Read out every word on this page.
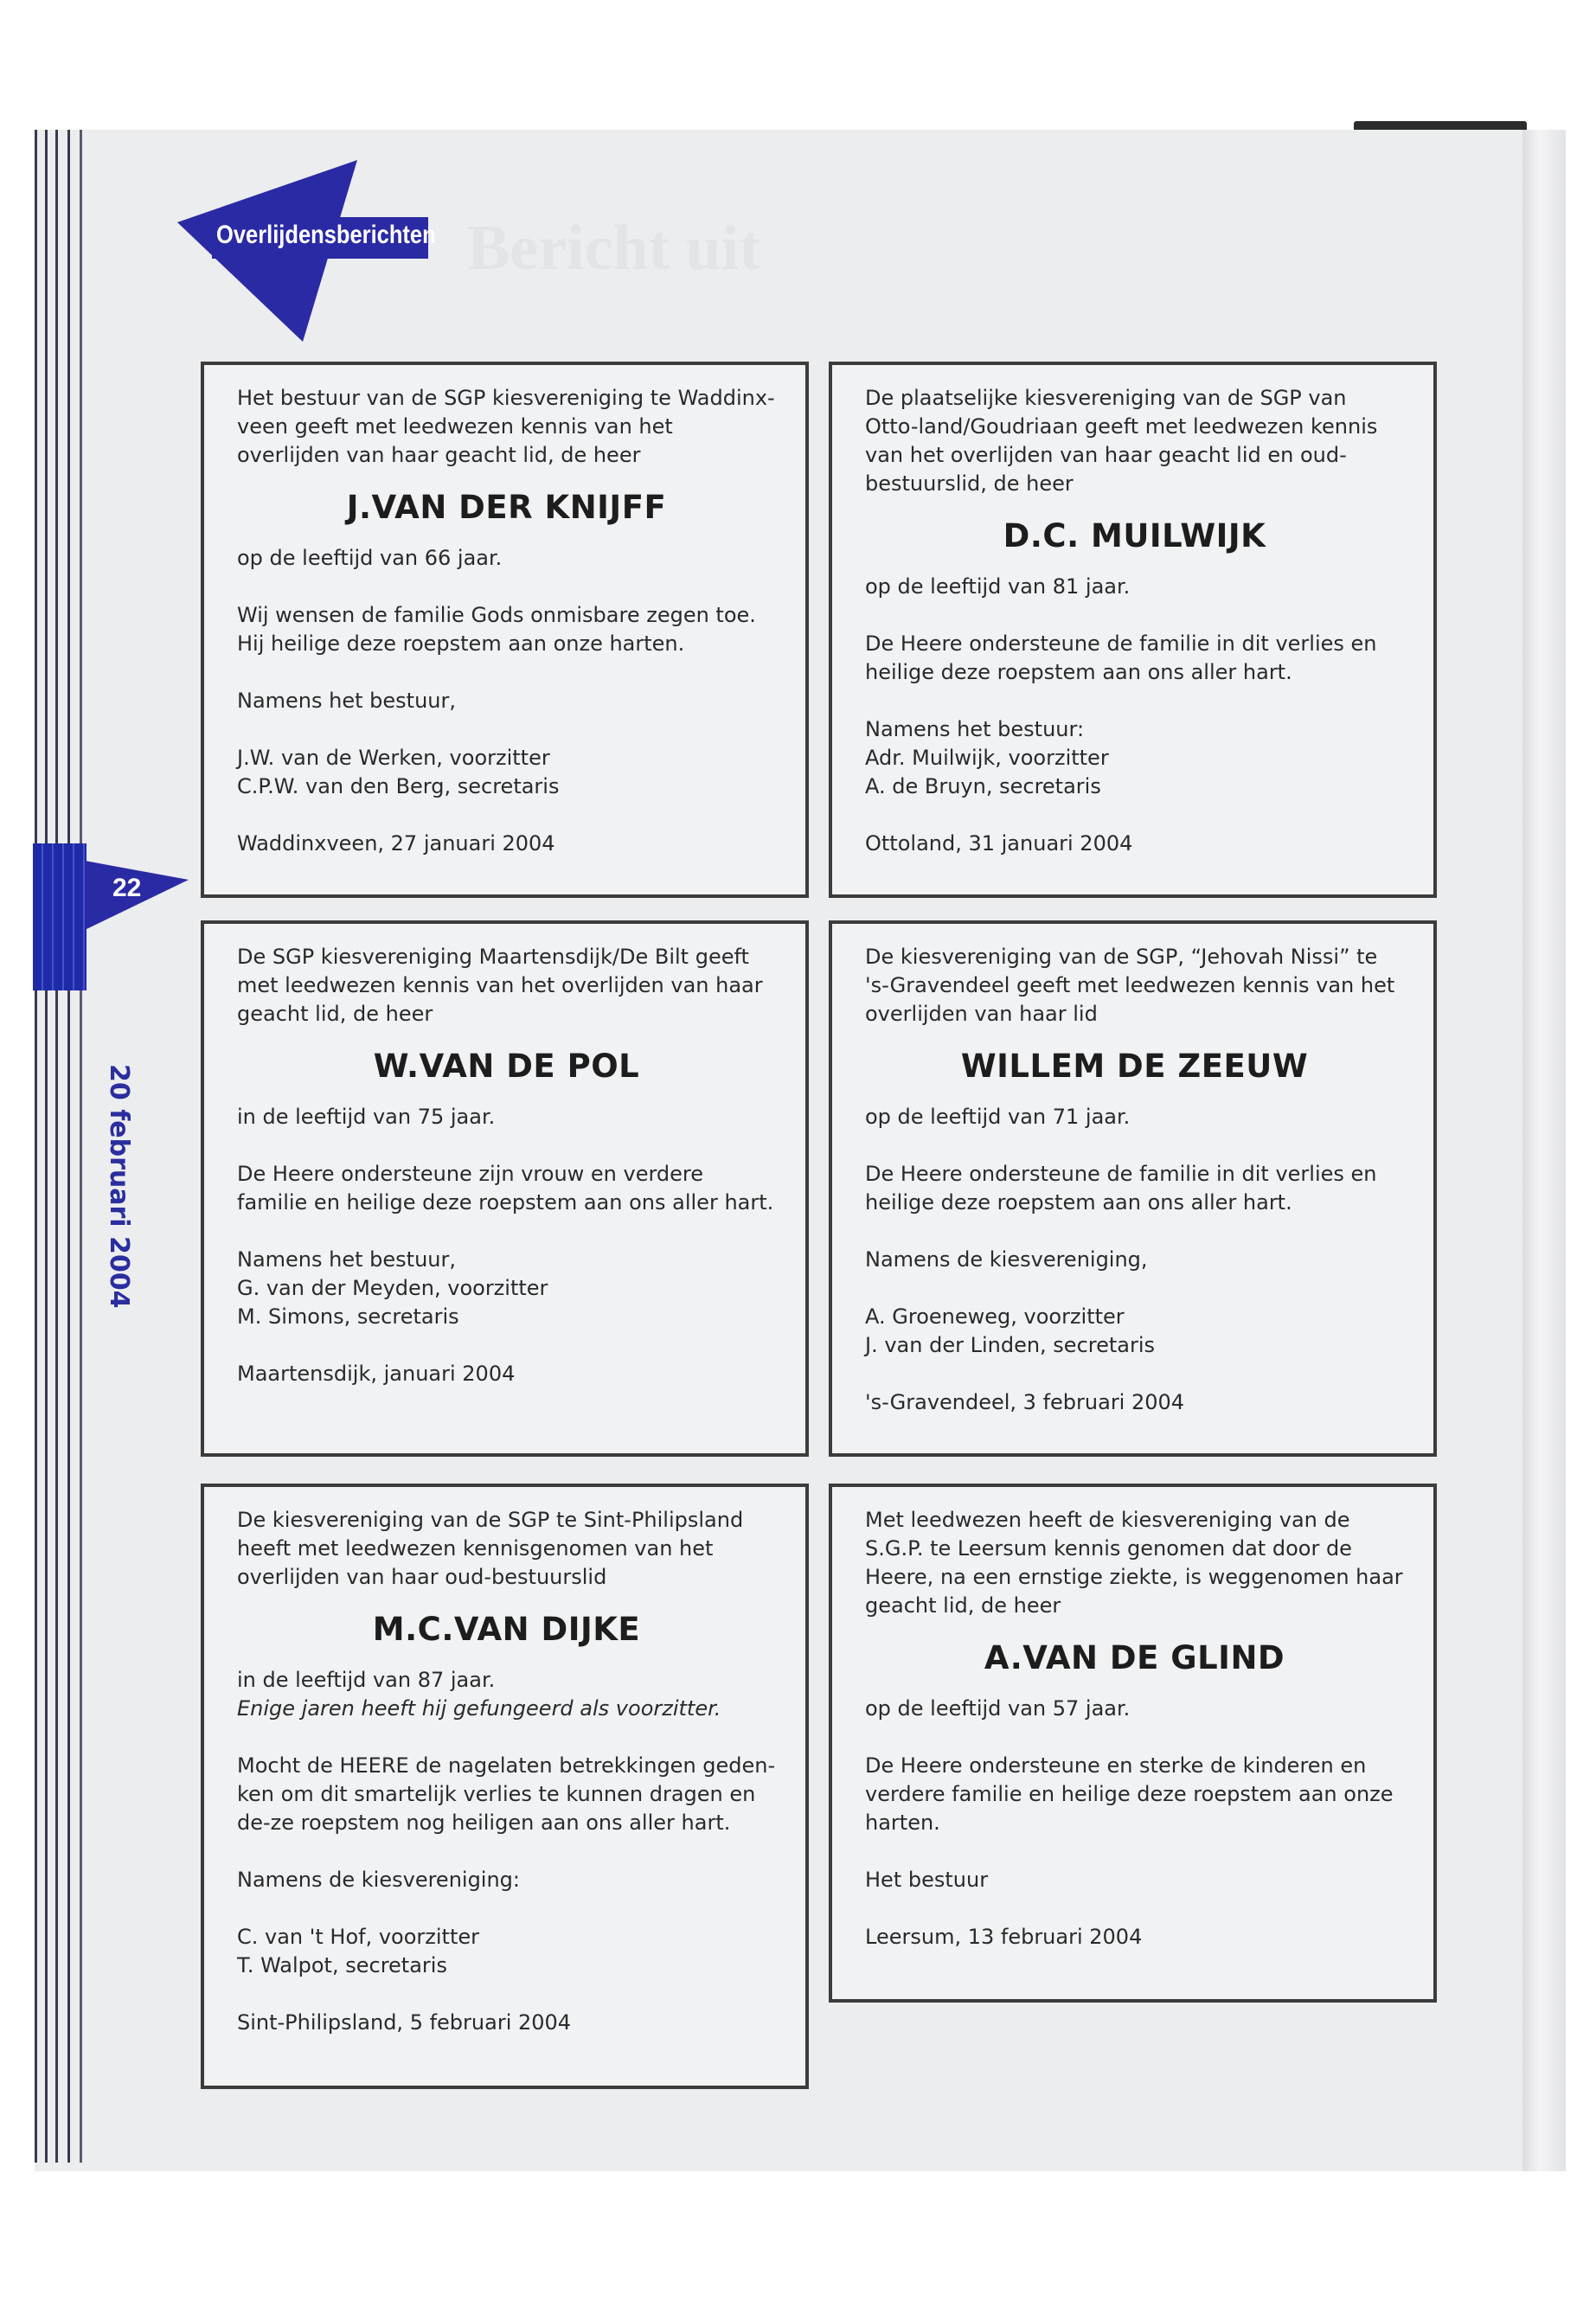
Bericht uit
Overlijdensberichten
22
20 februari 2004

Het bestuur van de SGP kiesvereniging te Waddinx-veen geeft met leedwezen kennis van het overlijden van haar geacht lid, de heer

J.VAN DER KNIJFF
op de leeftijd van 66 jaar.
Wij wensen de familie Gods onmisbare zegen toe. Hij heilige deze roepstem aan onze harten.
Namens het bestuur,
J.W. van de Werken, voorzitter
C.P.W. van den Berg, secretaris
Waddinxveen, 27 januari 2004

De plaatselijke kiesvereniging van de SGP van Otto-land/Goudriaan geeft met leedwezen kennis van het overlijden van haar geacht lid en oud-bestuurslid, de heer

D.C. MUILWIJK
op de leeftijd van 81 jaar.
De Heere ondersteune de familie in dit verlies en heilige deze roepstem aan ons aller hart.
Namens het bestuur:
Adr. Muilwijk, voorzitter
A. de Bruyn, secretaris
Ottoland, 31 januari 2004

De SGP kiesvereniging Maartensdijk/De Bilt geeft met leedwezen kennis van het overlijden van haar geacht lid, de heer

W.VAN DE POL
in de leeftijd van 75 jaar.
De Heere ondersteune zijn vrouw en verdere familie en heilige deze roepstem aan ons aller hart.
Namens het bestuur,
G. van der Meyden, voorzitter
M. Simons, secretaris
Maartensdijk, januari 2004

De kiesvereniging van de SGP, “Jehovah Nissi” te 's-Gravendeel geeft met leedwezen kennis van het overlijden van haar lid

WILLEM DE ZEEUW
op de leeftijd van 71 jaar.
De Heere ondersteune de familie in dit verlies en heilige deze roepstem aan ons aller hart.
Namens de kiesvereniging,
A. Groeneweg, voorzitter
J. van der Linden, secretaris
's-Gravendeel, 3 februari 2004

De kiesvereniging van de SGP te Sint-Philipsland heeft met leedwezen kennisgenomen van het overlijden van haar oud-bestuurslid

M.C.VAN DIJKE
in de leeftijd van 87 jaar.
Enige jaren heeft hij gefungeerd als voorzitter.
Mocht de HEERE de nagelaten betrekkingen geden-ken om dit smartelijk verlies te kunnen dragen en de-ze roepstem nog heiligen aan ons aller hart.
Namens de kiesvereniging:
C. van 't Hof, voorzitter
T. Walpot, secretaris
Sint-Philipsland, 5 februari 2004

Met leedwezen heeft de kiesvereniging van de S.G.P. te Leersum kennis genomen dat door de Heere, na een ernstige ziekte, is weggenomen haar geacht lid, de heer

A.VAN DE GLIND
op de leeftijd van 57 jaar.
De Heere ondersteune en sterke de kinderen en verdere familie en heilige deze roepstem aan onze harten.
Het bestuur
Leersum, 13 februari 2004
